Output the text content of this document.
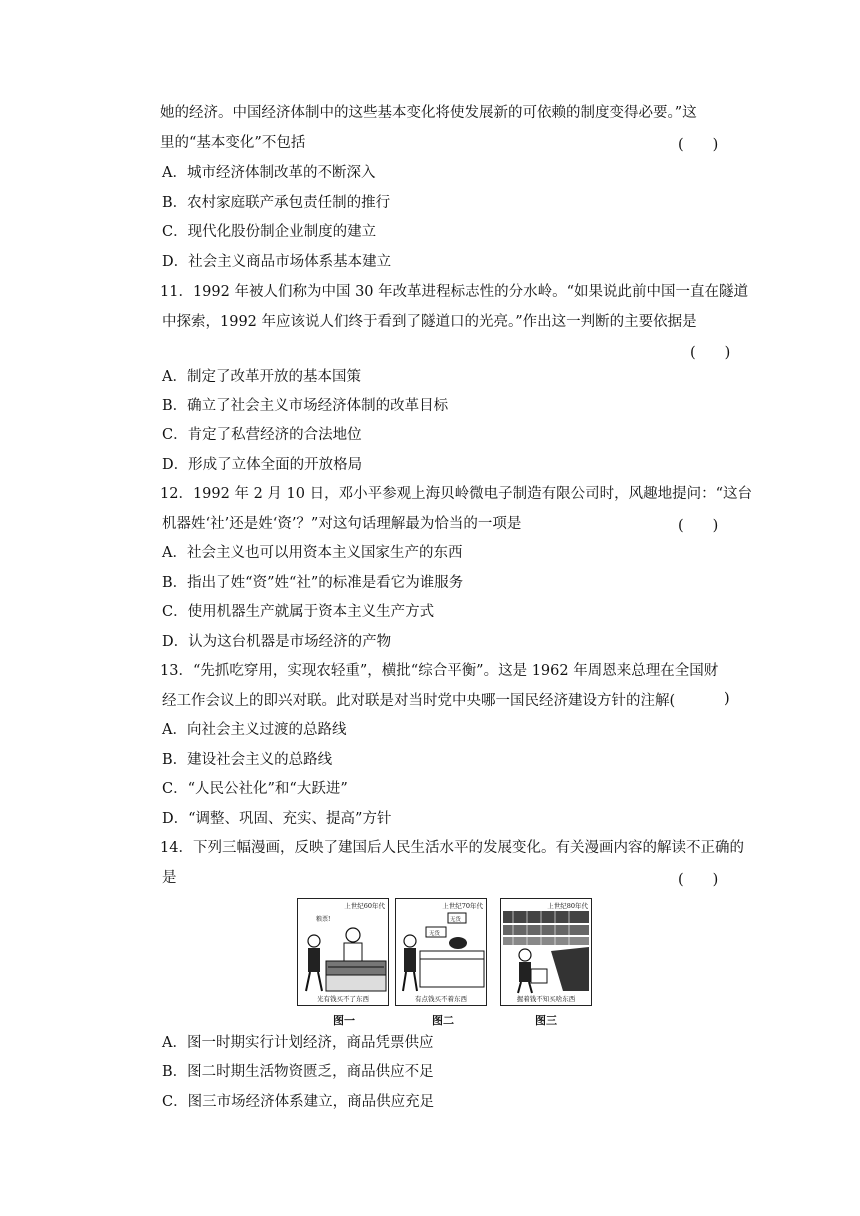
她的经济。中国经济体制中的这些基本变化将使发展新的可依赖的制度变得必要。”这
里的“基本变化”不包括	(　　)
A．城市经济体制改革的不断深入
B．农村家庭联产承包责任制的推行
C．现代化股份制企业制度的建立
D．社会主义商品市场体系基本建立
11．1992 年被人们称为中国 30 年改革进程标志性的分水岭。“如果说此前中国一直在隧道
中探索，1992 年应该说人们终于看到了隧道口的光亮。”作出这一判断的主要依据是
(　　)
A．制定了改革开放的基本国策
B．确立了社会主义市场经济体制的改革目标
C．肯定了私营经济的合法地位
D．形成了立体全面的开放格局
12．1992 年 2 月 10 日，邓小平参观上海贝岭微电子制造有限公司时，风趣地提问：“这台
机器姓‘社’还是姓‘资’？”对这句话理解最为恰当的一项是	(　　)
A．社会主义也可以用资本主义国家生产的东西
B．指出了姓“资”姓“社”的标准是看它为谁服务
C．使用机器生产就属于资本主义生产方式
D．认为这台机器是市场经济的产物
13．“先抓吃穿用，实现农轻重”，横批“综合平衡”。这是 1962 年周恩来总理在全国财
经工作会议上的即兴对联。此对联是对当时党中央哪一国民经济建设方针的注解(	)
A．向社会主义过渡的总路线
B．建设社会主义的总路线
C．“人民公社化”和“大跃进”
D．“调整、巩固、充实、提高”方针
14．下列三幅漫画，反映了建国后人民生活水平的发展变化。有关漫画内容的解读不正确的
是	(　　)
上世纪60年代
粮票!
光有钱买不了东西
上世纪70年代
无货
无货
有点钱买不着东西
上世纪80年代
握着钱不知买啥东西
图一	图二	图三
A．图一时期实行计划经济，商品凭票供应
B．图二时期生活物资匮乏，商品供应不足
C．图三市场经济体系建立，商品供应充足
